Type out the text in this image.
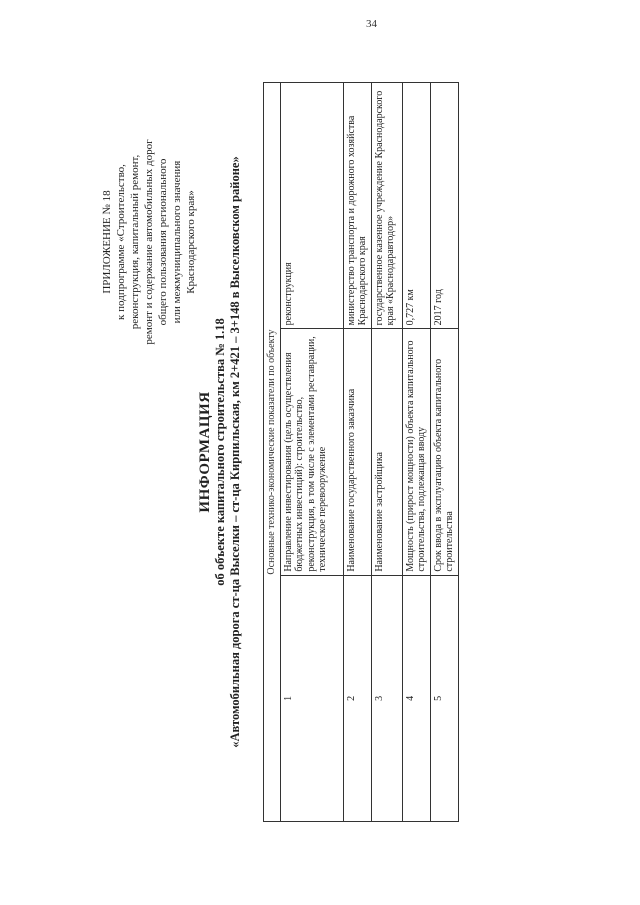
34
ПРИЛОЖЕНИЕ № 18 к подпрограмме «Строительство, реконструкция, капитальный ремонт, ремонт и содержание автомобильных дорог общего пользования регионального или межмуниципального значения Краснодарского края»
ИНФОРМАЦИЯ об объекте капитального строительства № 1.18 «Автомобильная дорога ст-ца Выселки – ст-ца Кирпильская, км 2+421 – 3+148 в Выселковском районе» Основные технико-экономические показатели по объекту		
1	Направление инвестирования (цель осуществления бюджетных инвестиций): строительство, реконструкция, в том числе с элементами реставрации, техническое перевооружение	реконструкция
2	Наименование государственного заказчика	министерство транспорта и дорожного хозяйства Краснодарского края
3	Наименование застройщика	государственное казенное учреждение Краснодарского края «Краснодаравтодор»
4	Мощность (прирост мощности) объекта капитального строительства, подлежащая вводу	0,727 км
5	Срок ввода в эксплуатацию объекта капитального строительства	2017 год
